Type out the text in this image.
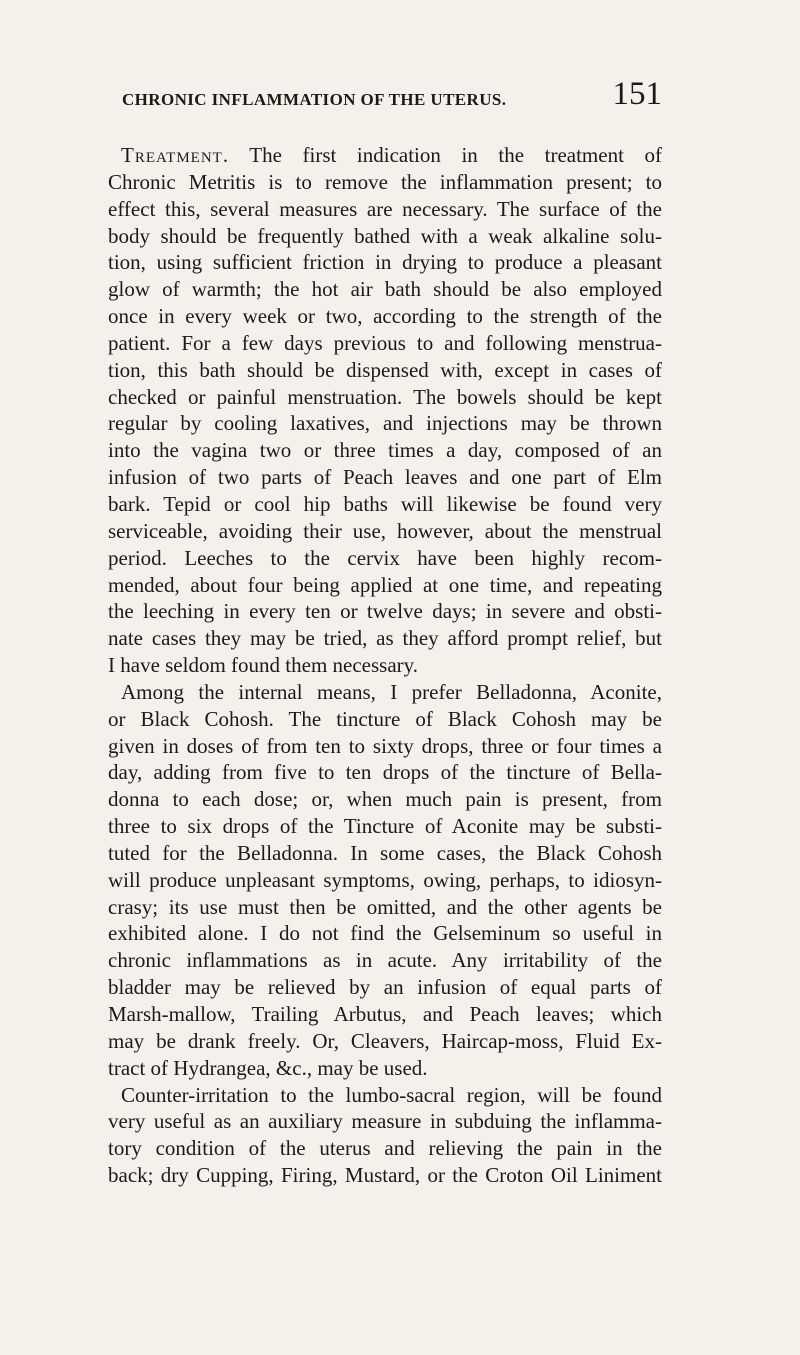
CHRONIC INFLAMMATION OF THE UTERUS.	151
Treatment. The first indication in the treatment of
Chronic Metritis is to remove the inflammation present; to
effect this, several measures are necessary. The surface of the
body should be frequently bathed with a weak alkaline solu-
tion, using sufficient friction in drying to produce a pleasant
glow of warmth; the hot air bath should be also employed
once in every week or two, according to the strength of the
patient. For a few days previous to and following menstrua-
tion, this bath should be dispensed with, except in cases of
checked or painful menstruation. The bowels should be kept
regular by cooling laxatives, and injections may be thrown
into the vagina two or three times a day, composed of an
infusion of two parts of Peach leaves and one part of Elm
bark. Tepid or cool hip baths will likewise be found very
serviceable, avoiding their use, however, about the menstrual
period. Leeches to the cervix have been highly recom-
mended, about four being applied at one time, and repeating
the leeching in every ten or twelve days; in severe and obsti-
nate cases they may be tried, as they afford prompt relief, but
I have seldom found them necessary.
Among the internal means, I prefer Belladonna, Aconite,
or Black Cohosh. The tincture of Black Cohosh may be
given in doses of from ten to sixty drops, three or four times a
day, adding from five to ten drops of the tincture of Bella-
donna to each dose; or, when much pain is present, from
three to six drops of the Tincture of Aconite may be substi-
tuted for the Belladonna. In some cases, the Black Cohosh
will produce unpleasant symptoms, owing, perhaps, to idiosyn-
crasy; its use must then be omitted, and the other agents be
exhibited alone. I do not find the Gelseminum so useful in
chronic inflammations as in acute. Any irritability of the
bladder may be relieved by an infusion of equal parts of
Marsh-mallow, Trailing Arbutus, and Peach leaves; which
may be drank freely. Or, Cleavers, Haircap-moss, Fluid Ex-
tract of Hydrangea, &c., may be used.
Counter-irritation to the lumbo-sacral region, will be found
very useful as an auxiliary measure in subduing the inflamma-
tory condition of the uterus and relieving the pain in the
back; dry Cupping, Firing, Mustard, or the Croton Oil Liniment
